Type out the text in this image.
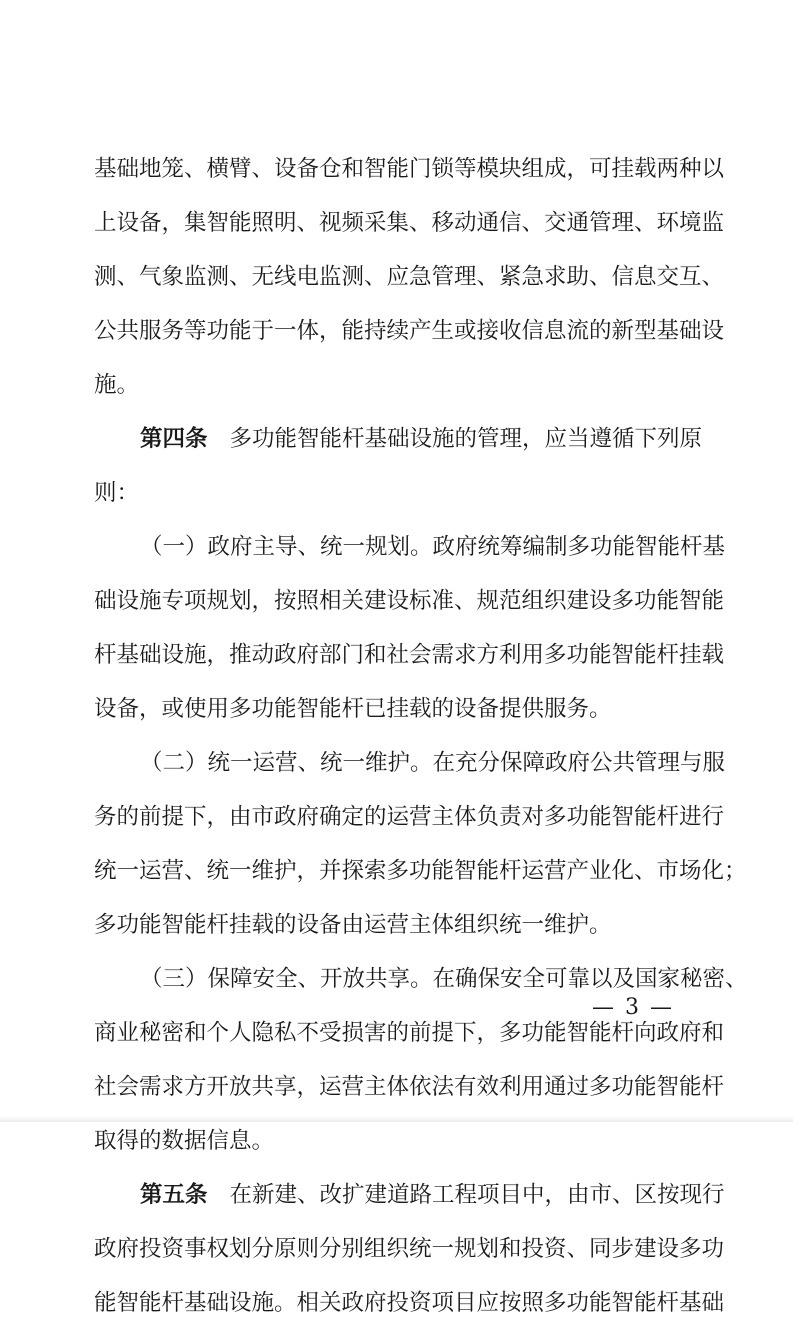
基础地笼、横臂、设备仓和智能门锁等模块组成，可挂载两种以
上设备，集智能照明、视频采集、移动通信、交通管理、环境监
测、气象监测、无线电监测、应急管理、紧急求助、信息交互、
公共服务等功能于一体，能持续产生或接收信息流的新型基础设
施。
第四条 多功能智能杆基础设施的管理，应当遵循下列原
则：
（一）政府主导、统一规划。政府统筹编制多功能智能杆基
础设施专项规划，按照相关建设标准、规范组织建设多功能智能
杆基础设施，推动政府部门和社会需求方利用多功能智能杆挂载
设备，或使用多功能智能杆已挂载的设备提供服务。
（二）统一运营、统一维护。在充分保障政府公共管理与服
务的前提下，由市政府确定的运营主体负责对多功能智能杆进行
统一运营、统一维护，并探索多功能智能杆运营产业化、市场化；
多功能智能杆挂载的设备由运营主体组织统一维护。
（三）保障安全、开放共享。在确保安全可靠以及国家秘密、
商业秘密和个人隐私不受损害的前提下，多功能智能杆向政府和
社会需求方开放共享，运营主体依法有效利用通过多功能智能杆
取得的数据信息。
第五条 在新建、改扩建道路工程项目中，由市、区按现行
政府投资事权划分原则分别组织统一规划和投资、同步建设多功
能智能杆基础设施。相关政府投资项目应按照多功能智能杆基础
— 3 —
